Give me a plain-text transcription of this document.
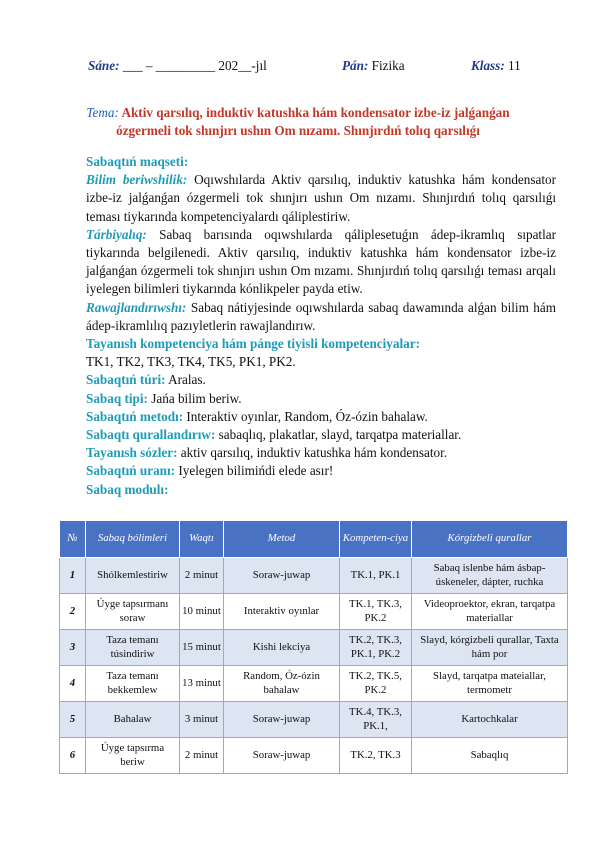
Sáne: ___ – _________ 202__-jıl	Pán: Fizika	Klass: 11
Tema: Aktiv qarsılıq, induktiv katushka hám kondensator izbe-iz jalǵanǵan ózgermeli tok shınjırı ushın Om nızamı. Shınjırdıń tolıq qarsılıǵı

Sabaqtıń maqseti:

Bilim beriwshilik: Oqıwshılarda Aktiv qarsılıq, induktiv katushka hám kondensator izbe-iz jalǵanǵan ózgermeli tok shınjırı ushın Om nızamı. Shınjırdıń tolıq qarsılıǵı teması tiykarında kompetenciyalardı qáliplestiriw.

Tárbiyalıq: Sabaq barısında oqıwshılarda qáliplesetuǵın ádep-ikramlıq sıpatlar tiykarında belgilenedi. Aktiv qarsılıq, induktiv katushka hám kondensator izbe-iz jalǵanǵan ózgermeli tok shınjırı ushın Om nızamı. Shınjırdıń tolıq qarsılıǵı teması arqalı iyelegen bilimleri tiykarında kónlikpeler payda etiw.

Rawajlandırıwshı: Sabaq nátiyjesinde oqıwshılarda sabaq dawamında alǵan bilim hám ádep-ikramlılıq pazıyletlerin rawajlandırıw.

Tayanısh kompetenciya hám pánge tiyisli kompetenciyalar:

TK1, TK2, TK3, TK4, TK5, PK1, PK2.

Sabaqtıń túri: Aralas.

Sabaq tipi: Jańa bilim beriw.

Sabaqtıń metodı: Interaktiv oyınlar, Random, Óz-ózin bahalaw.

Sabaqtı qurallandırıw: sabaqlıq, plakatlar, slayd, tarqatpa materiallar.

Tayanısh sózler: aktiv qarsılıq, induktiv katushka hám kondensator.

Sabaqtıń uranı: Iyelegen bilimińdi elede asır!

Sabaq modulı:

№	Sabaq bólimleri	Waqtı	Metod	Kompeten-ciya	Kórgizbeli qurallar
1	Shólkemlestiriw	2 minut	Soraw-juwap	TK.1, PK.1	Sabaq islenbe hám ásbap-úskeneler, dápter, ruchka
2	Úyge tapsırmanı soraw	10 minut	Interaktiv oyınlar	TK.1, TK.3, PK.2	Videoproektor, ekran, tarqatpa materiallar
3	Taza temanı túsindiriw	15 minut	Kishi lekciya	TK.2, TK.3, PK.1, PK.2	Slayd, kórgizbeli qurallar, Taxta hám por
4	Taza temanı bekkemlew	13 minut	Random, Óz-ózin bahalaw	TK.2, TK.5, PK.2	Slayd, tarqatpa mateiallar, termometr
5	Bahalaw	3 minut	Soraw-juwap	TK.4, TK.3, PK.1,	Kartochkalar
6	Úyge tapsırma beriw	2 minut	Soraw-juwap	TK.2, TK.3	Sabaqlıq
